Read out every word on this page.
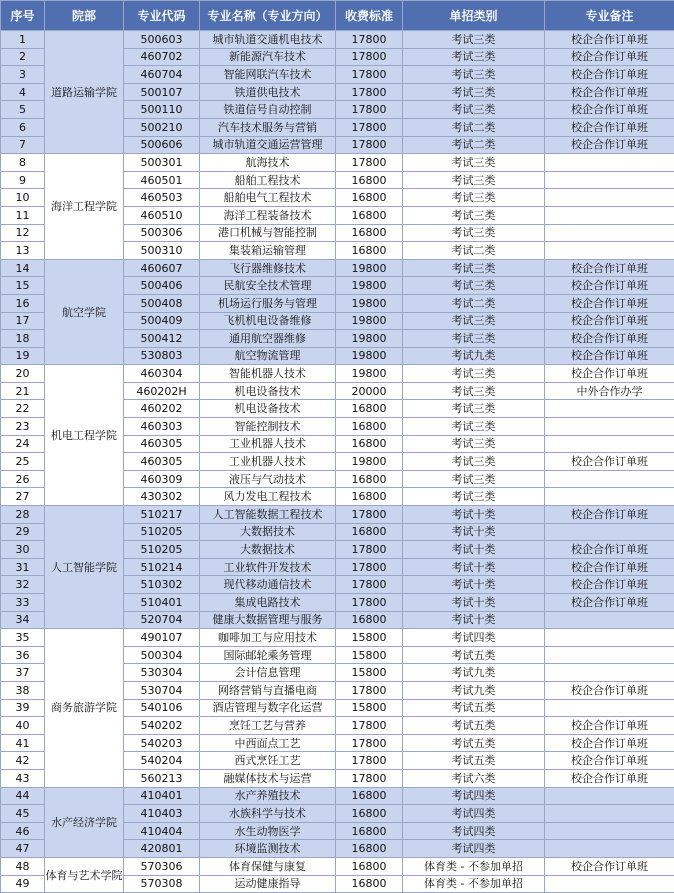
序号	院部	专业代码	专业名称（专业方向）	收费标准	单招类别	专业备注
1	道路运输学院	500603	城市轨道交通机电技术	17800	考试三类	校企合作订单班
2		460702	新能源汽车技术	17800	考试三类	校企合作订单班
3		460704	智能网联汽车技术	17800	考试三类	校企合作订单班
4		500107	铁道供电技术	17800	考试三类	校企合作订单班
5		500110	铁道信号自动控制	17800	考试三类	校企合作订单班
6		500210	汽车技术服务与营销	17800	考试二类	校企合作订单班
7		500606	城市轨道交通运营管理	17800	考试二类	校企合作订单班
8	海洋工程学院	500301	航海技术	17800	考试三类	
9		460501	船舶工程技术	16800	考试三类	
10		460503	船舶电气工程技术	16800	考试三类	
11		460510	海洋工程装备技术	16800	考试三类	
12		500306	港口机械与智能控制	16800	考试三类	
13		500310	集装箱运输管理	16800	考试二类	
14	航空学院	460607	飞行器维修技术	19800	考试三类	校企合作订单班
15		500406	民航安全技术管理	19800	考试三类	校企合作订单班
16		500408	机场运行服务与管理	19800	考试二类	校企合作订单班
17		500409	飞机机电设备维修	19800	考试三类	校企合作订单班
18		500412	通用航空器维修	19800	考试三类	校企合作订单班
19		530803	航空物流管理	19800	考试九类	校企合作订单班
20	机电工程学院	460304	智能机器人技术	19800	考试三类	校企合作订单班
21		460202H	机电设备技术	20000	考试三类	中外合作办学
22		460202	机电设备技术	16800	考试三类	
23		460303	智能控制技术	16800	考试三类	
24		460305	工业机器人技术	16800	考试三类	
25		460305	工业机器人技术	19800	考试三类	校企合作订单班
26		460309	液压与气动技术	16800	考试三类	
27		430302	风力发电工程技术	16800	考试三类	
28	人工智能学院	510217	人工智能数据工程技术	17800	考试十类	校企合作订单班
29		510205	大数据技术	16800	考试十类	
30		510205	大数据技术	17800	考试十类	校企合作订单班
31		510214	工业软件开发技术	17800	考试十类	校企合作订单班
32		510302	现代移动通信技术	17800	考试十类	校企合作订单班
33		510401	集成电路技术	17800	考试十类	校企合作订单班
34		520704	健康大数据管理与服务	16800	考试十类	
35	商务旅游学院	490107	咖啡加工与应用技术	15800	考试四类	
36		500304	国际邮轮乘务管理	15800	考试五类	
37		530304	会计信息管理	15800	考试九类	
38		530704	网络营销与直播电商	17800	考试九类	校企合作订单班
39		540106	酒店管理与数字化运营	15800	考试五类	
40		540202	烹饪工艺与营养	17800	考试五类	校企合作订单班
41		540203	中西面点工艺	17800	考试五类	校企合作订单班
42		540204	西式烹饪工艺	17800	考试五类	校企合作订单班
43		560213	融媒体技术与运营	17800	考试六类	校企合作订单班
44	水产经济学院	410401	水产养殖技术	16800	考试四类	
45		410403	水族科学与技术	16800	考试四类	
46		410404	水生动物医学	16800	考试四类	
47		420801	环境监测技术	16800	考试四类	
48	体育与艺术学院	570306	体育保健与康复	16800	体育类 - 不参加单招	校企合作订单班
49		570308	运动健康指导	16800	体育类 - 不参加单招	
